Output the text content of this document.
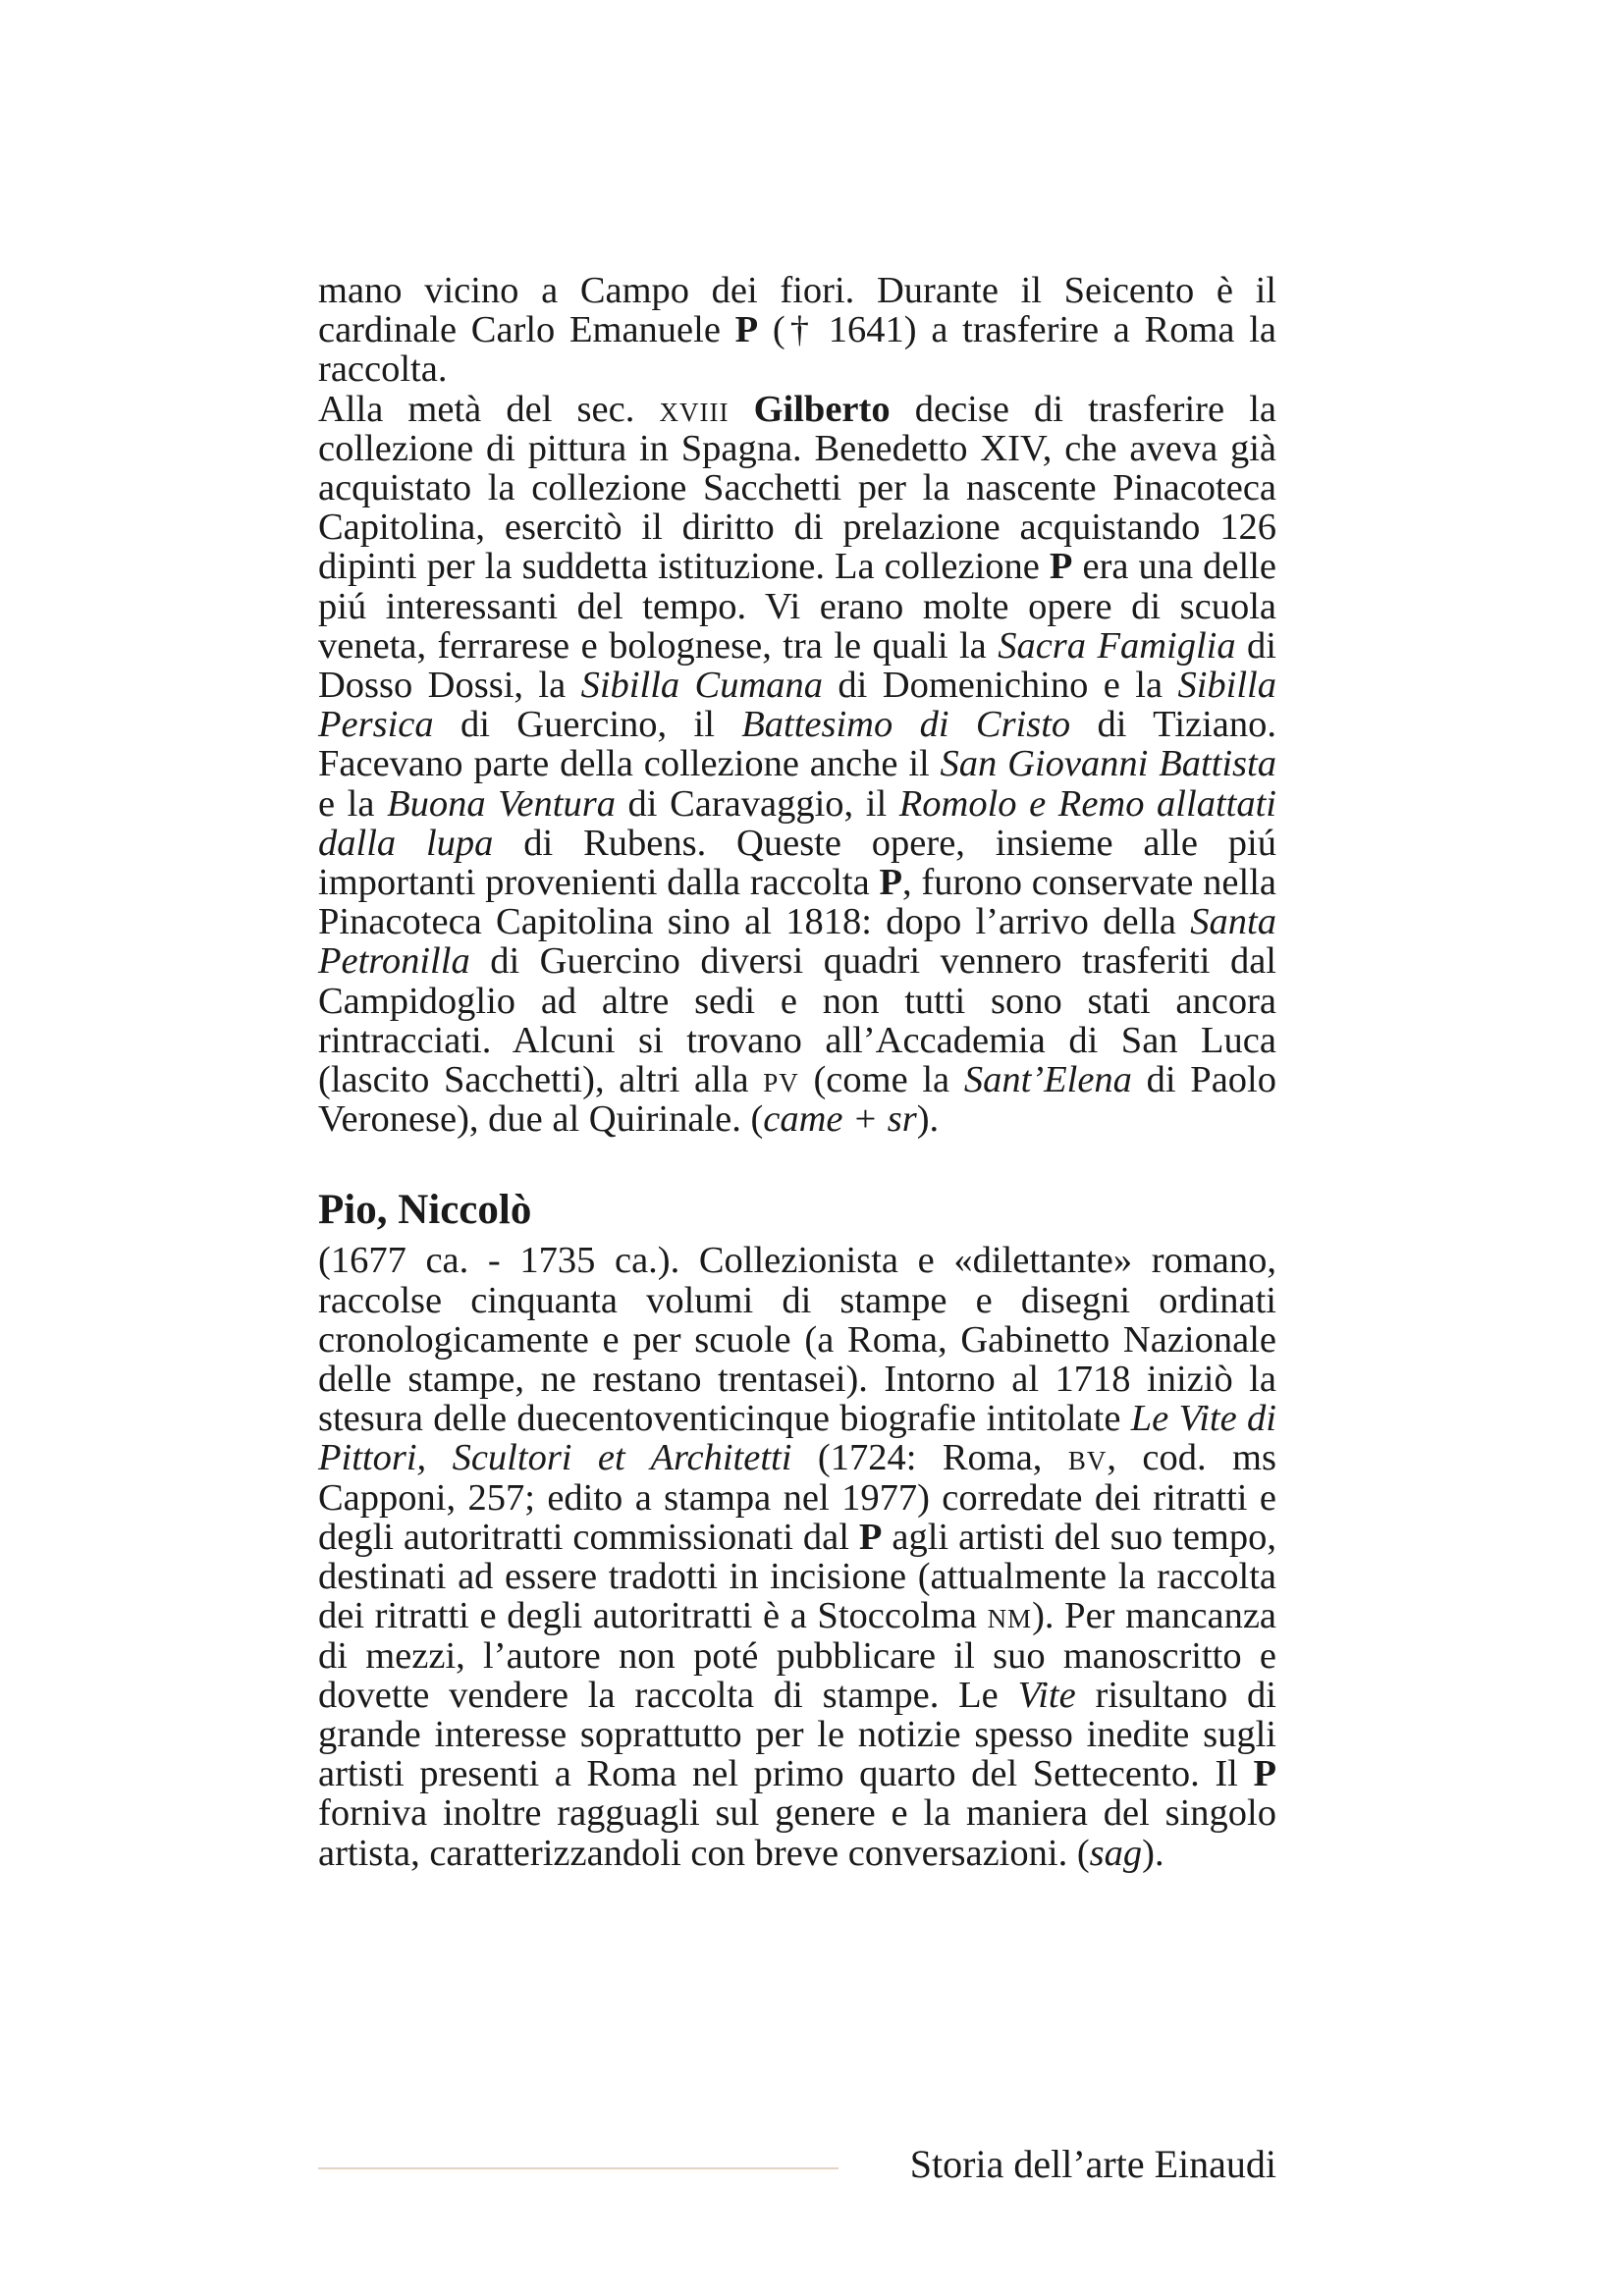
mano vicino a Campo dei fiori. Durante il Seicento è il cardinale Carlo Emanuele P († 1641) a trasferire a Roma la raccolta.

Alla metà del sec. xviii Gilberto decise di trasferire la collezione di pittura in Spagna. Benedetto XIV, che aveva già acquistato la collezione Sacchetti per la nascente Pinacoteca Capitolina, esercitò il diritto di prelazione acquistando 126 dipinti per la suddetta istituzione. La collezione P era una delle piú interessanti del tempo. Vi erano molte opere di scuola veneta, ferrarese e bolognese, tra le quali la Sacra Famiglia di Dosso Dossi, la Sibilla Cumana di Domenichino e la Sibilla Persica di Guercino, il Battesimo di Cristo di Tiziano. Facevano parte della collezione anche il San Giovanni Battista e la Buona Ventura di Caravaggio, il Romolo e Remo allattati dalla lupa di Rubens. Queste opere, insieme alle piú importanti provenienti dalla raccolta P, furono conservate nella Pinacoteca Capitolina sino al 1818: dopo l’arrivo della Santa Petronilla di Guercino diversi quadri vennero trasferiti dal Campidoglio ad altre sedi e non tutti sono stati ancora rintracciati. Alcuni si trovano all’Accademia di San Luca (lascito Sacchetti), altri alla pv (come la Sant’Elena di Paolo Veronese), due al Quirinale. (came + sr).

Pio, Niccolò

(1677 ca. - 1735 ca.). Collezionista e «dilettante» romano, raccolse cinquanta volumi di stampe e disegni ordinati cronologicamente e per scuole (a Roma, Gabinetto Nazionale delle stampe, ne restano trentasei). Intorno al 1718 iniziò la stesura delle duecentoventicinque biografie intitolate Le Vite di Pittori, Scultori et Architetti (1724: Roma, bv, cod. ms Capponi, 257; edito a stampa nel 1977) corredate dei ritratti e degli autoritratti commissionati dal P agli artisti del suo tempo, destinati ad essere tradotti in incisione (attualmente la raccolta dei ritratti e degli autoritratti è a Stoccolma nm). Per mancanza di mezzi, l’autore non poté pubblicare il suo manoscritto e dovette vendere la raccolta di stampe. Le Vite risultano di grande interesse soprattutto per le notizie spesso inedite sugli artisti presenti a Roma nel primo quarto del Settecento. Il P forniva inoltre ragguagli sul genere e la maniera del singolo artista, caratterizzandoli con breve conversazioni. (sag).

Storia dell’arte Einaudi
